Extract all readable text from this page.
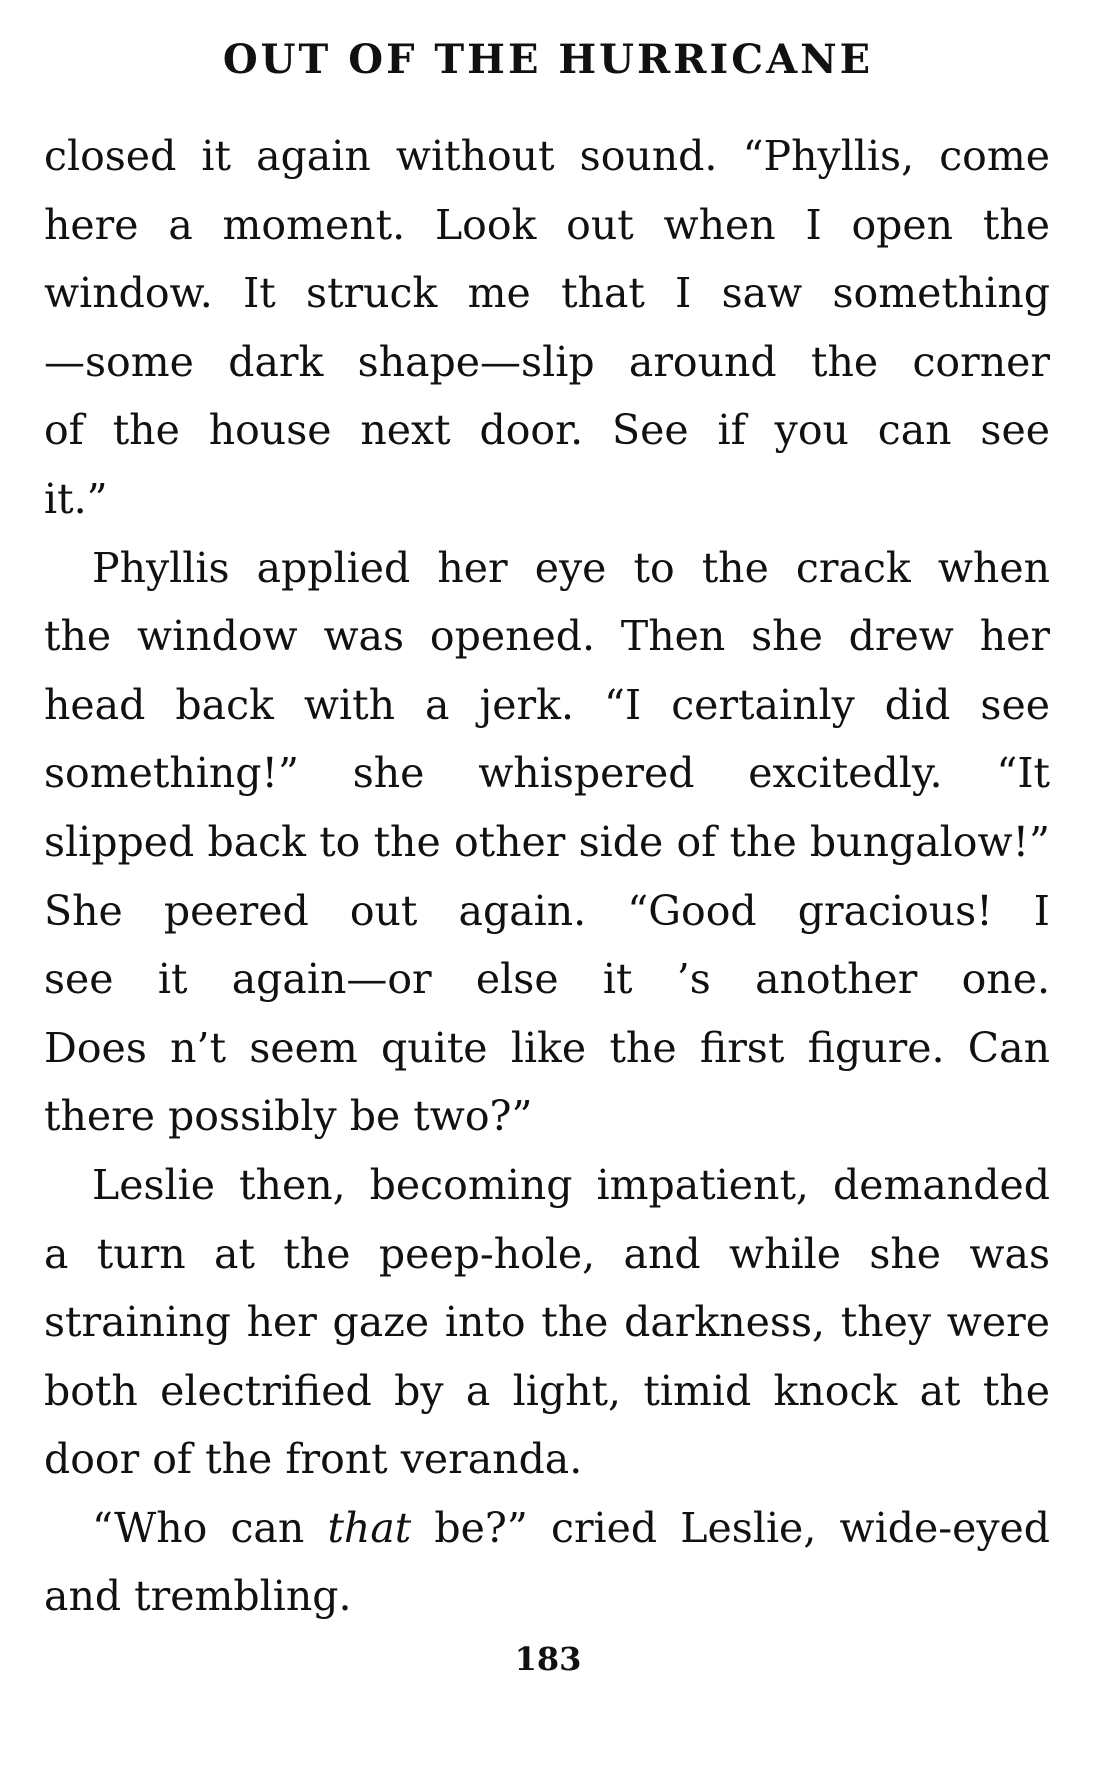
OUT OF THE HURRICANE
closed it again without sound. “Phyllis, come
here a moment. Look out when I open the
window. It struck me that I saw something
—some dark shape—slip around the corner
of the house next door. See if you can see
it.”
Phyllis applied her eye to the crack when
the window was opened. Then she drew her
head back with a jerk. “I certainly did see
something!” she whispered excitedly. “It
slipped back to the other side of the bungalow!”
She peered out again. “Good gracious! I
see it again—or else it ’s another one.
Does n’t seem quite like the first figure. Can
there possibly be two?”
Leslie then, becoming impatient, demanded
a turn at the peep-hole, and while she was
straining her gaze into the darkness, they were
both electrified by a light, timid knock at the
door of the front veranda.
“Who can that be?” cried Leslie, wide-eyed
and trembling.
183
